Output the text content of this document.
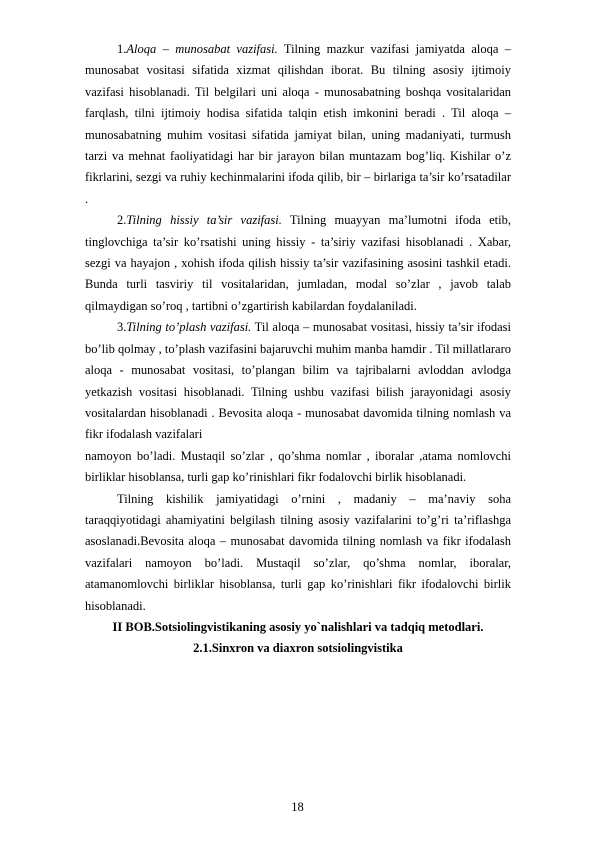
1.Aloqa – munosabat vazifasi. Tilning mazkur vazifasi jamiyatda aloqa – munosabat vositasi sifatida xizmat qilishdan iborat. Bu tilning asosiy ijtimoiy vazifasi hisoblanadi. Til belgilari uni aloqa - munosabatning boshqa vositalaridan farqlash, tilni ijtimoiy hodisa sifatida talqin etish imkonini beradi . Til aloqa – munosabatning muhim vositasi sifatida jamiyat bilan, uning madaniyati, turmush tarzi va mehnat faoliyatidagi har bir jarayon bilan muntazam bog’liq. Kishilar o’z fikrlarini, sezgi va ruhiy kechinmalarini ifoda qilib, bir – birlariga ta’sir ko’rsatadilar .

2.Tilning hissiy ta’sir vazifasi. Tilning muayyan ma’lumotni ifoda etib, tinglovchiga ta’sir ko’rsatishi uning hissiy - ta’siriy vazifasi hisoblanadi . Xabar, sezgi va hayajon , xohish ifoda qilish hissiy ta’sir vazifasining asosini tashkil etadi. Bunda turli tasviriy til vositalaridan, jumladan, modal so’zlar , javob talab qilmaydigan so’roq , tartibni o’zgartirish kabilardan foydalaniladi.

3.Tilning to’plash vazifasi. Til aloqa – munosabat vositasi, hissiy ta’sir ifodasi bo’lib qolmay , to’plash vazifasini bajaruvchi muhim manba hamdir . Til millatlararo aloqa - munosabat vositasi, to’plangan bilim va tajribalarni avloddan avlodga yetkazish vositasi hisoblanadi. Tilning ushbu vazifasi bilish jarayonidagi asosiy vositalardan hisoblanadi . Bevosita aloqa - munosabat davomida tilning nomlash va fikr ifodalash vazifalari

namoyon bo’ladi. Mustaqil so’zlar , qo’shma nomlar , iboralar ,atama nomlovchi birliklar hisoblansa, turli gap ko’rinishlari fikr fodalovchi birlik hisoblanadi.

Tilning kishilik jamiyatidagi o’rnini , madaniy – ma’naviy soha taraqqiyotidagi ahamiyatini belgilash tilning asosiy vazifalarini to’g’ri ta’riflashga asoslanadi.Bevosita aloqa – munosabat davomida tilning nomlash va fikr ifodalash vazifalari namoyon bo’ladi. Mustaqil so’zlar, qo’shma nomlar, iboralar, atamanomlovchi birliklar hisoblansa, turli gap ko’rinishlari fikr ifodalovchi birlik hisoblanadi.

II BOB.Sotsiolingvistikaning asosiy yo`nalishlari va tadqiq metodlari.

2.1.Sinxron va diaxron sotsiolingvistika

18
